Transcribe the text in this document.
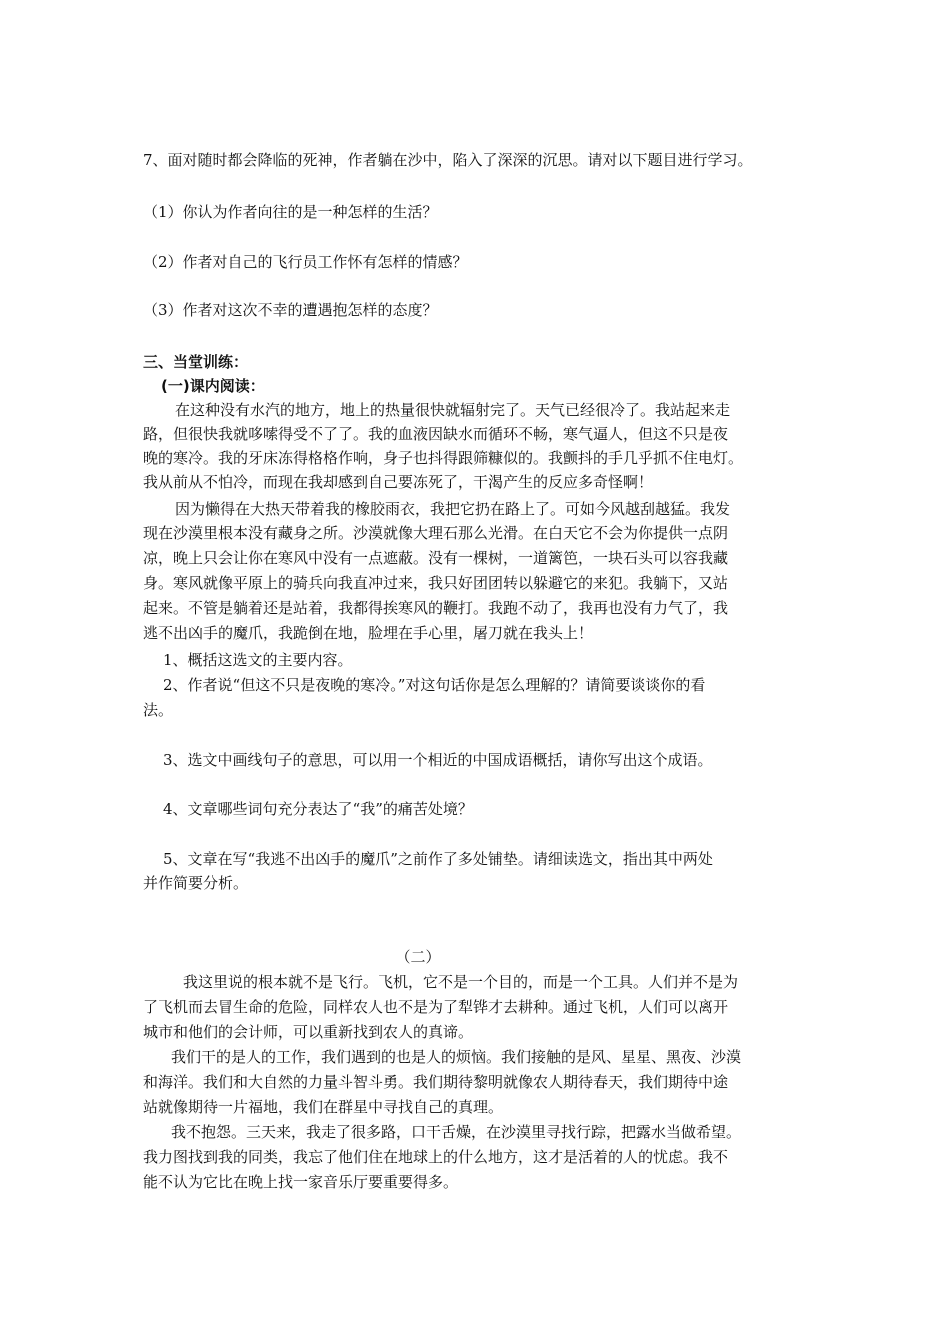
7、面对随时都会降临的死神，作者躺在沙中，陷入了深深的沉思。请对以下题目进行学习。
（1）你认为作者向往的是一种怎样的生活？
（2）作者对自己的飞行员工作怀有怎样的情感？
（3）作者对这次不幸的遭遇抱怎样的态度？
三、当堂训练：
(一)课内阅读：
在这种没有水汽的地方，地上的热量很快就辐射完了。天气已经很冷了。我站起来走
路，但很快我就哆嗦得受不了了。我的血液因缺水而循环不畅，寒气逼人，但这不只是夜
晚的寒冷。我的牙床冻得格格作响，身子也抖得跟筛糠似的。我颤抖的手几乎抓不住电灯。
我从前从不怕冷，而现在我却感到自己要冻死了，干渴产生的反应多奇怪啊！
因为懒得在大热天带着我的橡胶雨衣，我把它扔在路上了。可如今风越刮越猛。我发
现在沙漠里根本没有藏身之所。沙漠就像大理石那么光滑。在白天它不会为你提供一点阴
凉，晚上只会让你在寒风中没有一点遮蔽。没有一棵树，一道篱笆，一块石头可以容我藏
身。寒风就像平原上的骑兵向我直冲过来，我只好团团转以躲避它的来犯。我躺下，又站
起来。不管是躺着还是站着，我都得挨寒风的鞭打。我跑不动了，我再也没有力气了，我
逃不出凶手的魔爪，我跪倒在地，脸埋在手心里，屠刀就在我头上！
1、概括这选文的主要内容。
2、作者说“但这不只是夜晚的寒冷。”对这句话你是怎么理解的？请简要谈谈你的看
法。
3、选文中画线句子的意思，可以用一个相近的中国成语概括，请你写出这个成语。
4、文章哪些词句充分表达了“我”的痛苦处境？
5、文章在写“我逃不出凶手的魔爪”之前作了多处铺垫。请细读选文，指出其中两处
并作简要分析。
（二）
我这里说的根本就不是飞行。飞机，它不是一个目的，而是一个工具。人们并不是为
了飞机而去冒生命的危险，同样农人也不是为了犁铧才去耕种。通过飞机，人们可以离开
城市和他们的会计师，可以重新找到农人的真谛。
我们干的是人的工作，我们遇到的也是人的烦恼。我们接触的是风、星星、黑夜、沙漠
和海洋。我们和大自然的力量斗智斗勇。我们期待黎明就像农人期待春天，我们期待中途
站就像期待一片福地，我们在群星中寻找自己的真理。
我不抱怨。三天来，我走了很多路，口干舌燥，在沙漠里寻找行踪，把露水当做希望。
我力图找到我的同类，我忘了他们住在地球上的什么地方，这才是活着的人的忧虑。我不
能不认为它比在晚上找一家音乐厅要重要得多。
